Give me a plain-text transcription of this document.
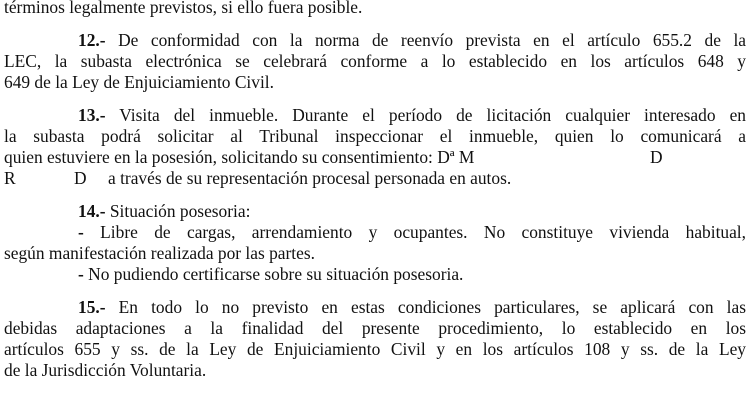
términos legalmente previstos, si ello fuera posible.
12.- De conformidad con la norma de reenvío prevista en el artículo 655.2 de la
LEC, la subasta electrónica se celebrará conforme a lo establecido en los artículos 648 y
649 de la Ley de Enjuiciamiento Civil.
13.- Visita del inmueble. Durante el período de licitación cualquier interesado en
la subasta podrá solicitar al Tribunal inspeccionar el inmueble, quien lo comunicará a
quien estuviere en la posesión, solicitando su consentimiento: Dª M	D
R	D a través de su representación procesal personada en autos.
14.- Situación posesoria:
- Libre de cargas, arrendamiento y ocupantes. No constituye vivienda habitual,
según manifestación realizada por las partes.
- No pudiendo certificarse sobre su situación posesoria.
15.- En todo lo no previsto en estas condiciones particulares, se aplicará con las
debidas adaptaciones a la finalidad del presente procedimiento, lo establecido en los
artículos 655 y ss. de la Ley de Enjuiciamiento Civil y en los artículos 108 y ss. de la Ley
de la Jurisdicción Voluntaria.
